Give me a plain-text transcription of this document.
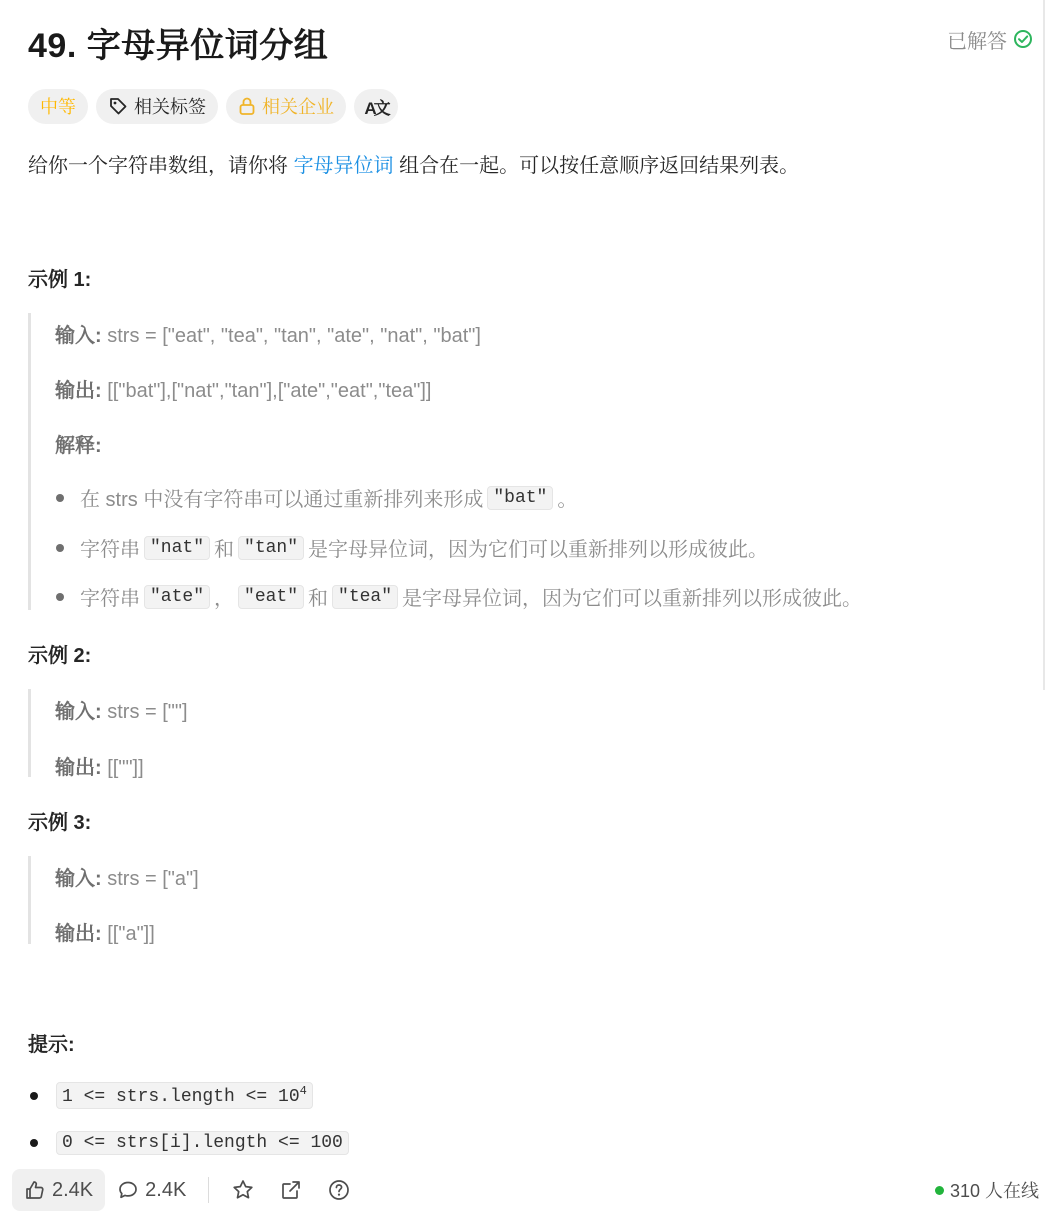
49. 字母异位词分组	已解答
中等	相关标签	相关企业 A文
给你一个字符串数组，请你将 字母异位词 组合在一起。可以按任意顺序返回结果列表。
示例 1:
输入: strs = ["eat", "tea", "tan", "ate", "nat", "bat"]
输出: [["bat"],["nat","tan"],["ate","eat","tea"]]
解释:
在 strs 中没有字符串可以通过重新排列来形成 "bat" 。
字符串 "nat" 和 "tan" 是字母异位词，因为它们可以重新排列以形成彼此。
字符串 "ate" ， "eat" 和 "tea" 是字母异位词，因为它们可以重新排列以形成彼此。
示例 2:
输入: strs = [""]
输出: [[""]]
示例 3:
输入: strs = ["a"]
输出: [["a"]]
提示:
1 <= strs.length <= $10^4$
0 <= strs[i].length <= 100
2.4K	2.4K	310 人在线
